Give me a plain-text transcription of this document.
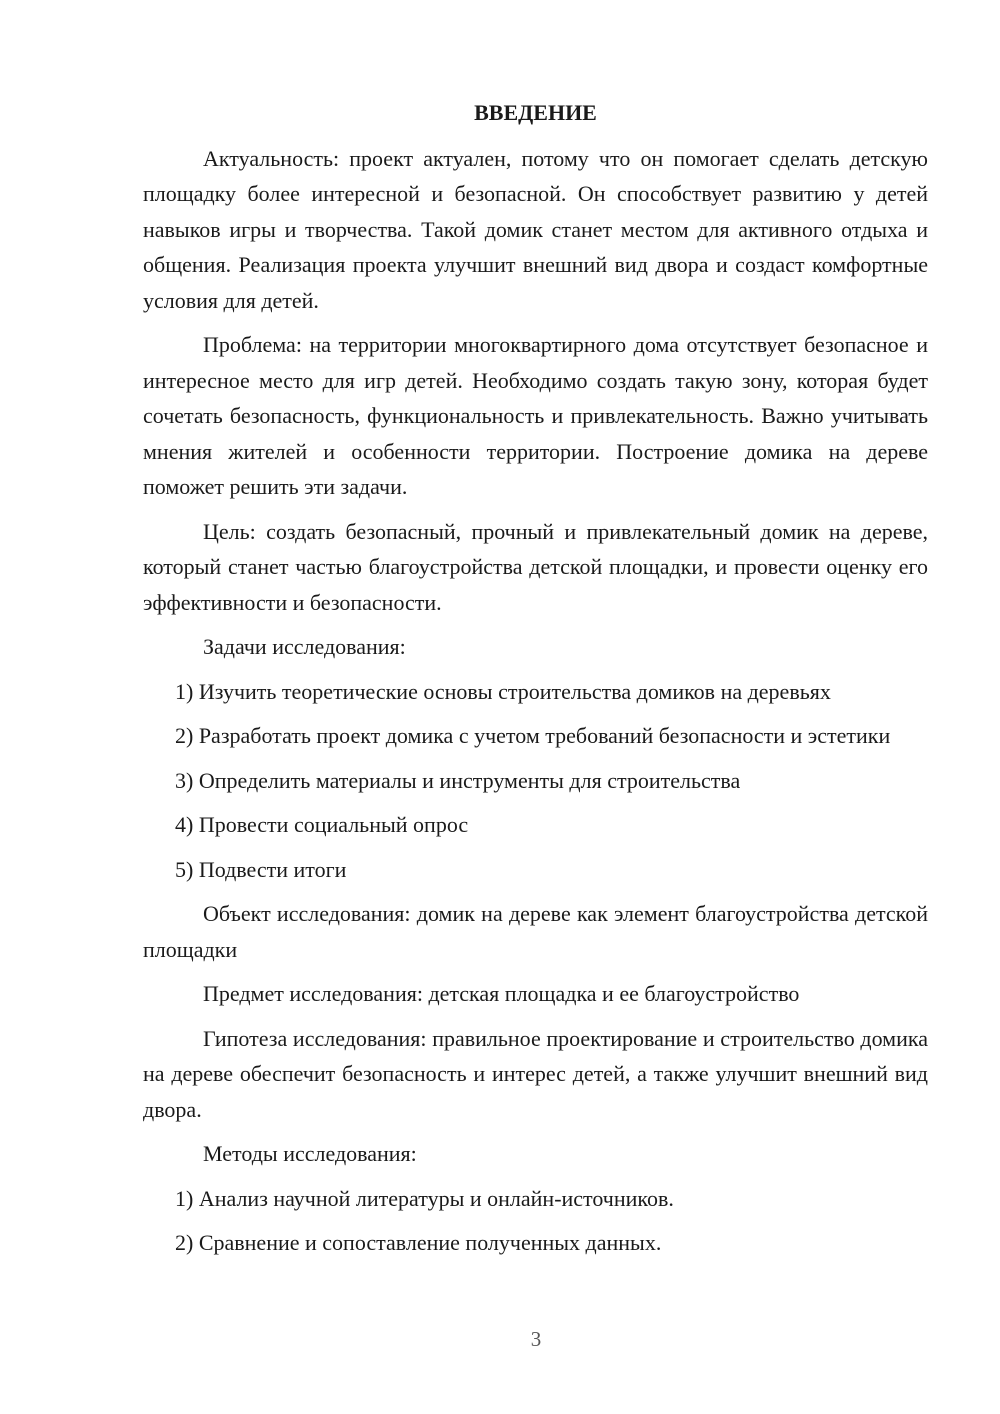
ВВЕДЕНИЕ

Актуальность: проект актуален, потому что он помогает сделать детскую площадку более интересной и безопасной. Он способствует развитию у детей навыков игры и творчества. Такой домик станет местом для активного отдыха и общения. Реализация проекта улучшит внешний вид двора и создаст комфортные условия для детей.

Проблема: на территории многоквартирного дома отсутствует безопасное и интересное место для игр детей. Необходимо создать такую зону, которая будет сочетать безопасность, функциональность и привлекательность. Важно учитывать мнения жителей и особенности территории. Построение домика на дереве поможет решить эти задачи.

Цель: создать безопасный, прочный и привлекательный домик на дереве, который станет частью благоустройства детской площадки, и провести оценку его эффективности и безопасности.

Задачи исследования:

1) Изучить теоретические основы строительства домиков на деревьях

2) Разработать проект домика с учетом требований безопасности и эстетики

3) Определить материалы и инструменты для строительства

4) Провести социальный опрос

5) Подвести итоги

Объект исследования: домик на дереве как элемент благоустройства детской площадки

Предмет исследования: детская площадка и ее благоустройство

Гипотеза исследования: правильное проектирование и строительство домика на дереве обеспечит безопасность и интерес детей, а также улучшит внешний вид двора.

Методы исследования:

1) Анализ научной литературы и онлайн-источников.

2) Сравнение и сопоставление полученных данных.

3
